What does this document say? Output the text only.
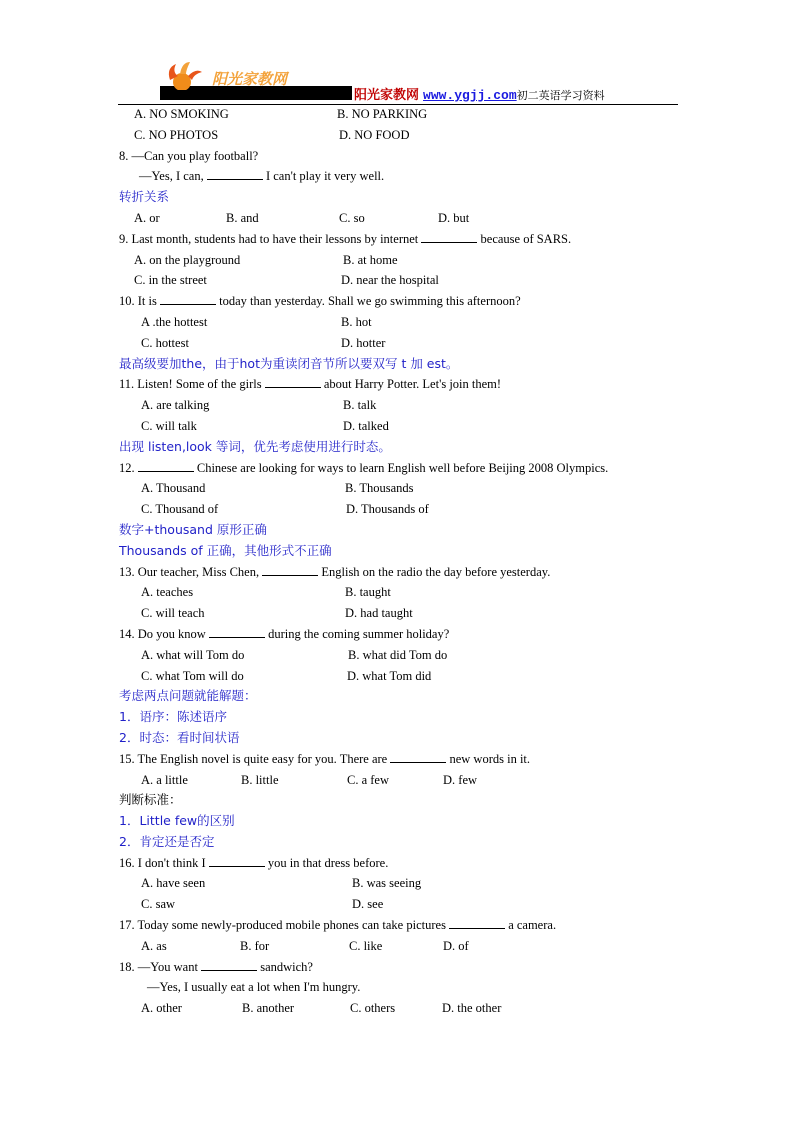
阳光家教网
阳光家教网 www.ygjj.com初二英语学习资料
A. NO SMOKING	B. NO PARKING
C. NO PHOTOS	D. NO FOOD
8. —Can you play football?
—Yes, I can,	I can't play it very well.
转折关系
A. or	B. and	C. so	D. but
9. Last month, students had to have their lessons by internet	because of SARS.
A. on the playground	B. at home
C. in the street	D. near the hospital
10. It is	today than yesterday. Shall we go swimming this afternoon?
A .the hottest	B. hot
C. hottest	D. hotter
最高级要加the，由于hot为重读闭音节所以要双写 t 加 est。
11. Listen! Some of the girls	about Harry Potter. Let's join them!
A. are talking	B. talk
C. will talk	D. talked
出现 listen,look 等词，优先考虑使用进行时态。
12.	Chinese are looking for ways to learn English well before Beijing 2008 Olympics.
A. Thousand	B. Thousands
C. Thousand of	D. Thousands of
数字+thousand 原形正确
Thousands of 正确，其他形式不正确
13. Our teacher, Miss Chen,	English on the radio the day before yesterday.
A. teaches	B. taught
C. will teach	D. had taught
14. Do you know	during the coming summer holiday?
A. what will Tom do	B. what did Tom do
C. what Tom will do	D. what Tom did
考虑两点问题就能解题：
1．语序：陈述语序
2．时态：看时间状语
15. The English novel is quite easy for you. There are	new words in it.
A. a little	B. little	C. a few	D. few
判断标准：
1．Little few的区别
2．肯定还是否定
16. I don't think I	you in that dress before.
A. have seen	B. was seeing
C. saw	D. see
17. Today some newly-produced mobile phones can take pictures	a camera.
A. as	B. for	C. like	D. of
18. —You want	sandwich?
—Yes, I usually eat a lot when I'm hungry.
A. other	B. another	C. others	D. the other
